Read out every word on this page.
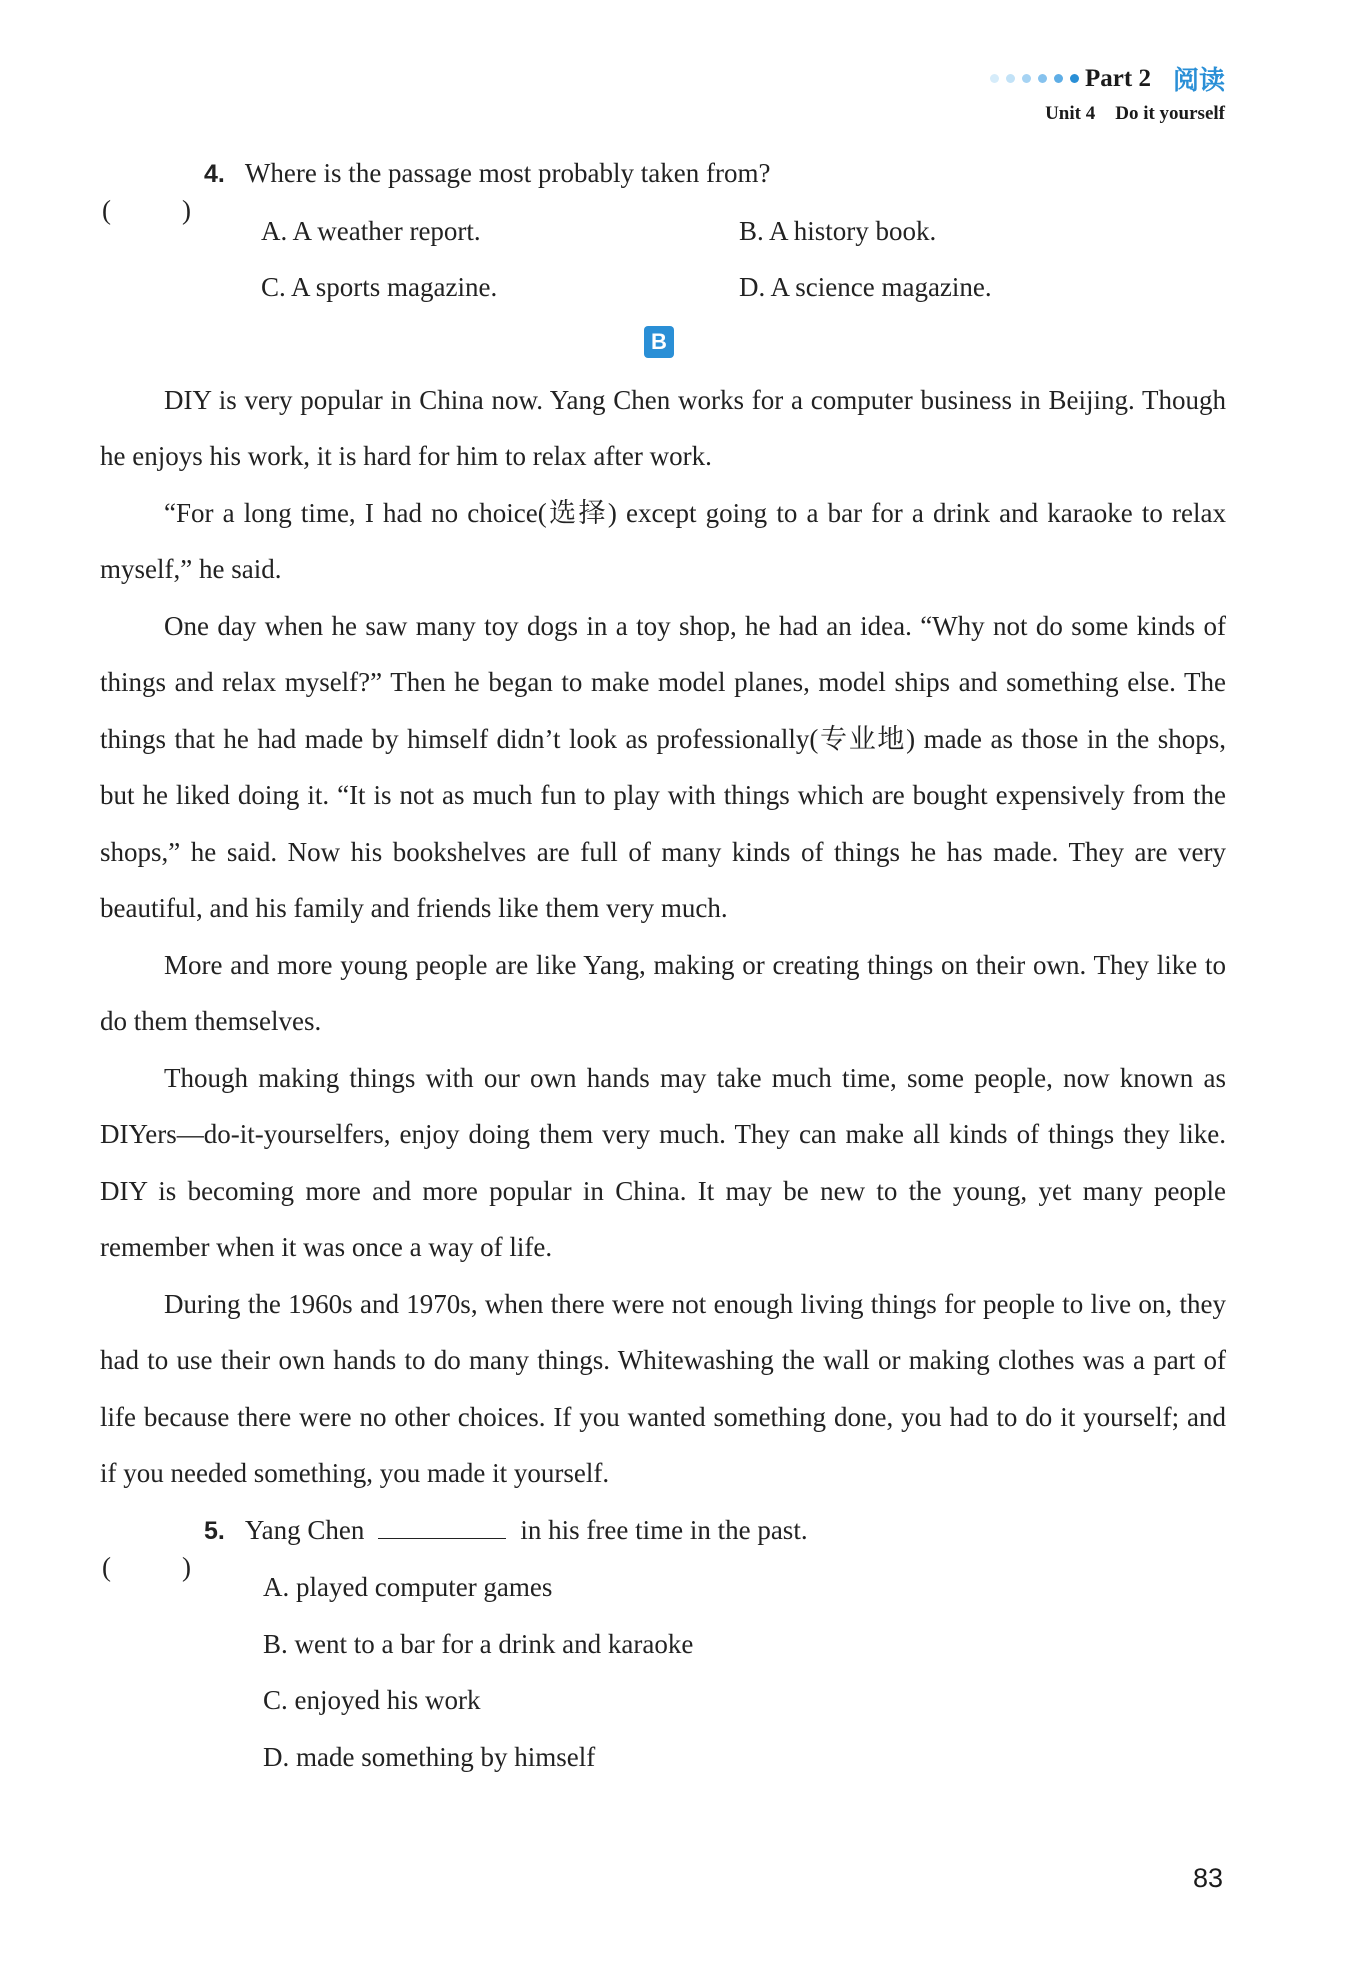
Part 2 阅读
Unit 4 Do it yourself
(	)
4. Where is the passage most probably taken from?
A. A weather report.	B. A history book.
C. A sports magazine.	D. A science magazine.
B

DIY is very popular in China now. Yang Chen works for a computer business in Beijing. Though he enjoys his work, it is hard for him to relax after work.

“For a long time, I had no choice(选择) except going to a bar for a drink and karaoke to relax myself,” he said.

One day when he saw many toy dogs in a toy shop, he had an idea. “Why not do some kinds of things and relax myself?” Then he began to make model planes, model ships and something else. The things that he had made by himself didn’t look as professionally(专业地) made as those in the shops, but he liked doing it. “It is not as much fun to play with things which are bought expensively from the shops,” he said. Now his bookshelves are full of many kinds of things he has made. They are very beautiful, and his family and friends like them very much.

More and more young people are like Yang, making or creating things on their own. They like to do them themselves.

Though making things with our own hands may take much time, some people, now known as DIYers—do-it-yourselfers, enjoy doing them very much. They can make all kinds of things they like. DIY is becoming more and more popular in China. It may be new to the young, yet many people remember when it was once a way of life.

During the 1960s and 1970s, when there were not enough living things for people to live on, they had to use their own hands to do many things. Whitewashing the wall or making clothes was a part of life because there were no other choices. If you wanted something done, you had to do it yourself; and if you needed something, you made it yourself.

(	)
5. Yang Chen	in his free time in the past.
A. played computer games
B. went to a bar for a drink and karaoke
C. enjoyed his work
D. made something by himself
83
